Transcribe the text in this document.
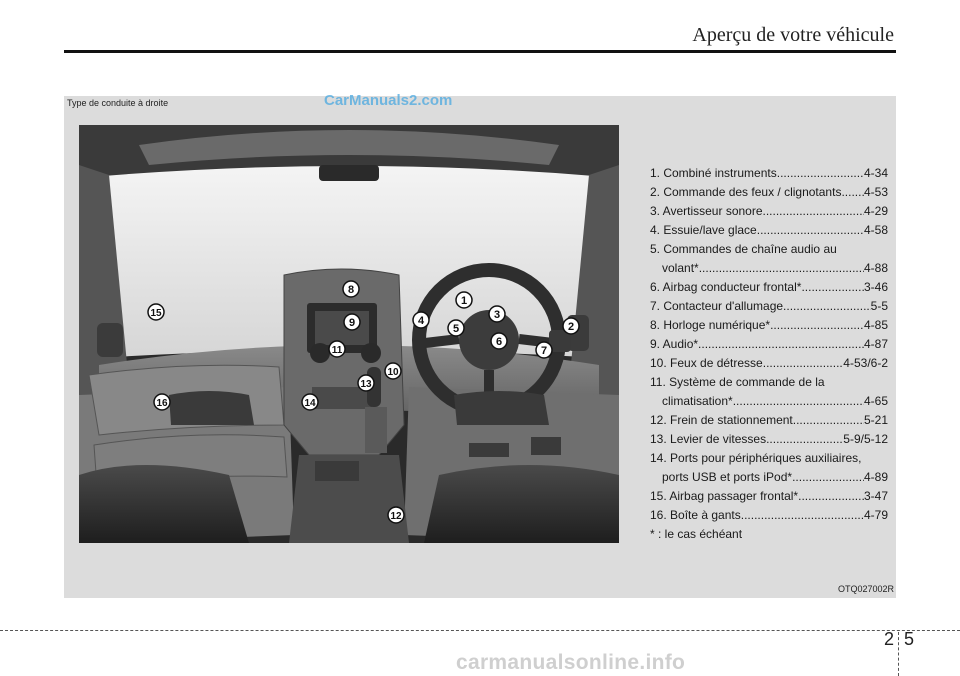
Aperçu de votre véhicule
Type de conduite à droite	CarManuals2.com
1
2
3
4
5
6
7
8
9
10
11
12
13
14
15
16
1. Combiné instruments .....	4-34
2. Commande des feux / clignotants ..... 4-53
3. Avertisseur sonore .....	4-29
4. Essuie/lave glace .....	4-58
5. Commandes de chaîne audio au
volant* .....	4-88
6. Airbag conducteur frontal* .....	3-46
7. Contacteur d'allumage .....	5-5
8. Horloge numérique* .....	4-85
9. Audio* .....	4-87
10. Feux de détresse .....	4-53/6-2
11. Système de commande de la
climatisation* .....	4-65
12. Frein de stationnement .....	5-21
13. Levier de vitesses .....	5-9/5-12
14. Ports pour périphériques auxiliaires,
ports USB et ports iPod* .....	4-89
15. Airbag passager frontal* .....	3-47
16. Boîte à gants .....	4-79
* : le cas échéant
OTQ027002R
2 5
carmanualsonline.info
